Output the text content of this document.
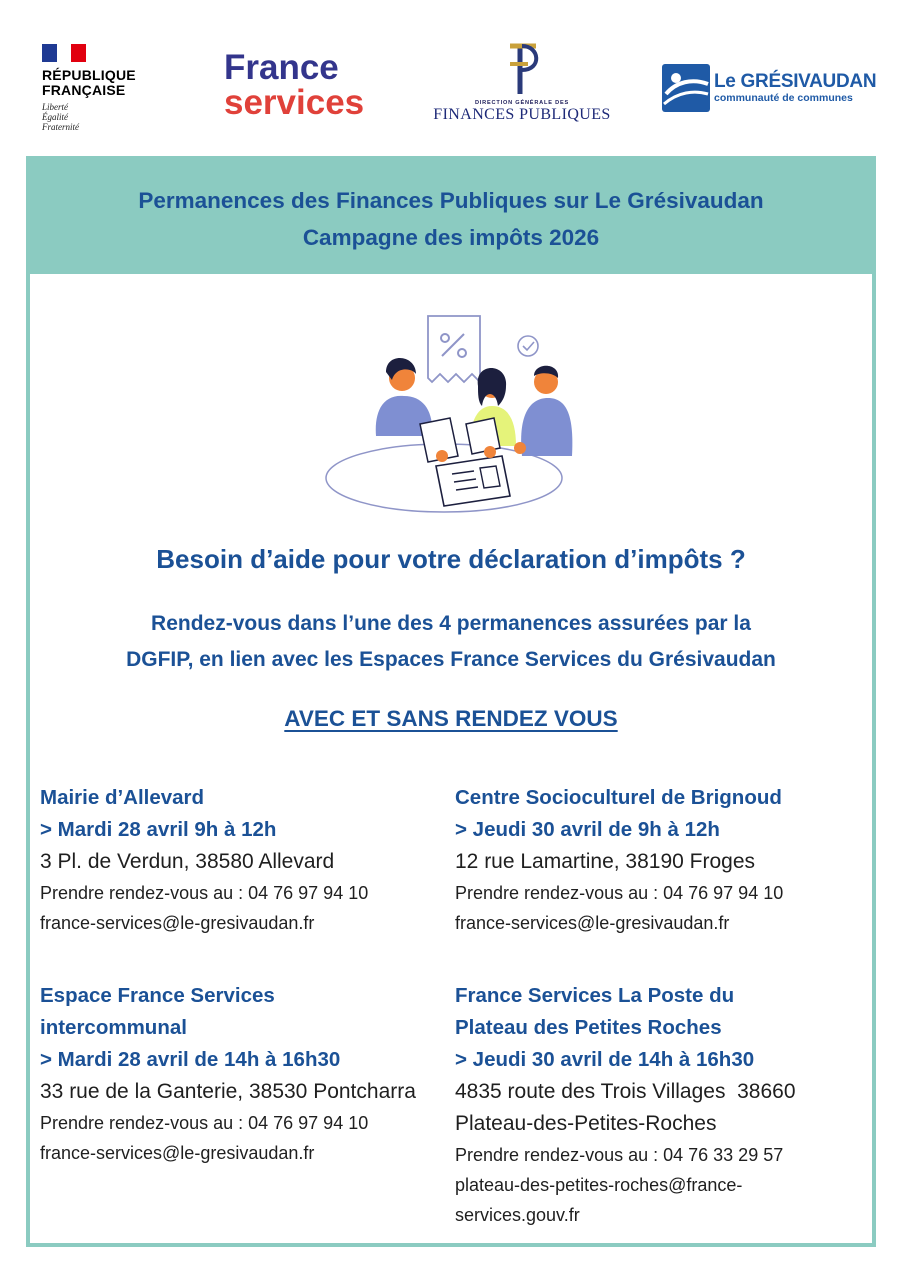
RÉPUBLIQUE
FRANÇAISE
Liberté
Égalité
Fraternité
France
services	DIRECTION GÉNÉRALE DES
FINANCES PUBLIQUES
Le GRÉSIVAUDAN
communauté de communes
Permanences des Finances Publiques sur Le Grésivaudan
Campagne des impôts 2026
Besoin d’aide pour votre déclaration d’impôts ?
Rendez-vous dans l’une des 4 permanences assurées par la
DGFIP, en lien avec les Espaces France Services du Grésivaudan
AVEC ET SANS RENDEZ VOUS
Mairie d’Allevard
> Mardi 28 avril 9h à 12h
3 Pl. de Verdun, 38580 Allevard
Prendre rendez-vous au : 04 76 97 94 10
france-services@le-gresivaudan.fr
Centre Socioculturel de Brignoud
> Jeudi 30 avril de 9h à 12h
12 rue Lamartine, 38190 Froges
Prendre rendez-vous au : 04 76 97 94 10
france-services@le-gresivaudan.fr
Espace France Services intercommunal
> Mardi 28 avril de 14h à 16h30
33 rue de la Ganterie, 38530 Pontcharra
Prendre rendez-vous au : 04 76 97 94 10
france-services@le-gresivaudan.fr
France Services La Poste du Plateau des Petites Roches
> Jeudi 30 avril de 14h à 16h30
4835 route des Trois Villages  38660 Plateau-des-Petites-Roches
Prendre rendez-vous au : 04 76 33 29 57
plateau-des-petites-roches@france-services.gouv.fr
